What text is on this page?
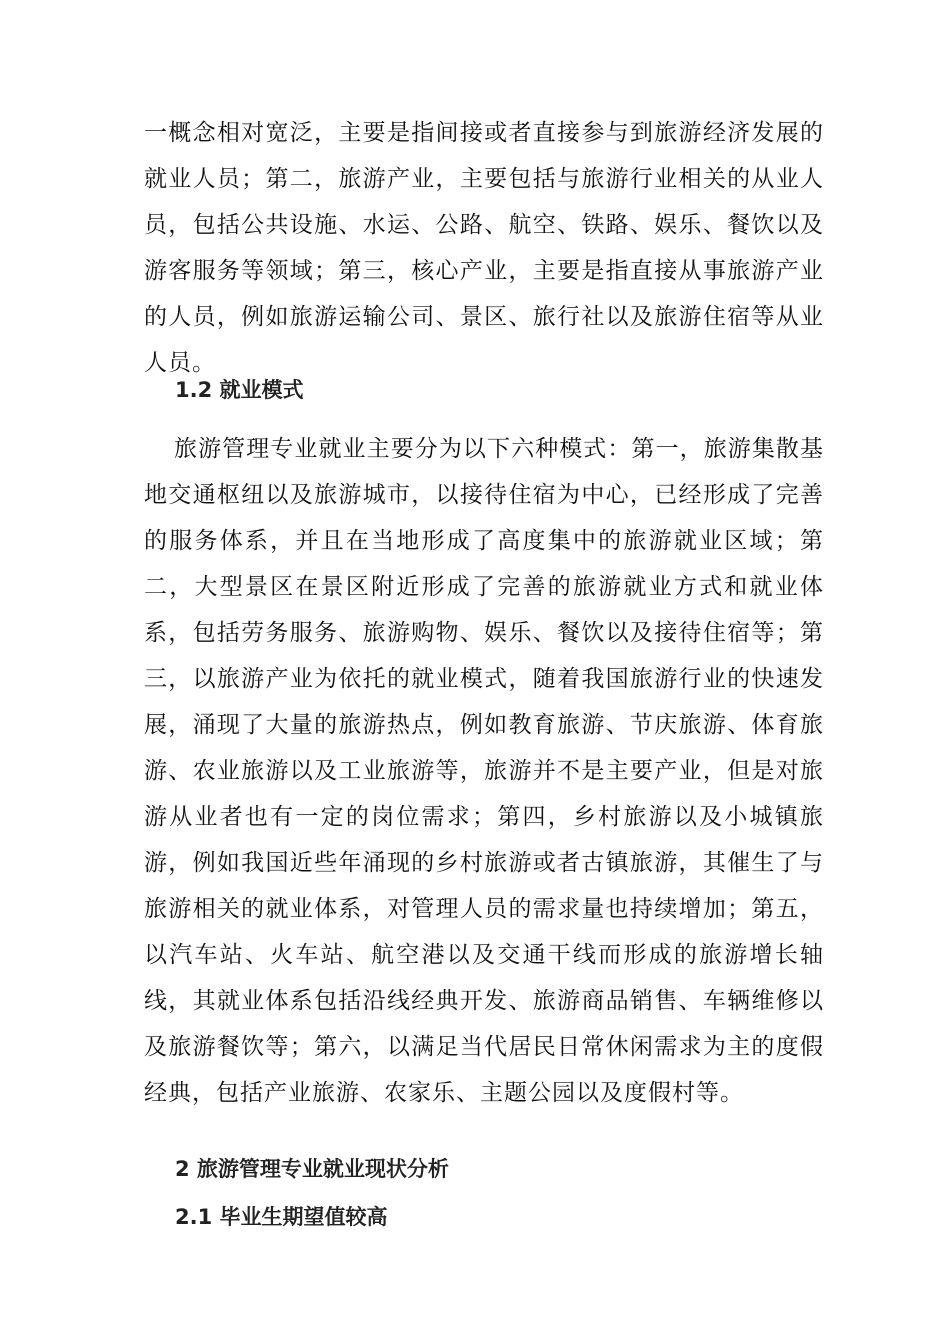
一概念相对宽泛，主要是指间接或者直接参与到旅游经济发展的就业人员；第二，旅游产业，主要包括与旅游行业相关的从业人员，包括公共设施、水运、公路、航空、铁路、娱乐、餐饮以及游客服务等领域；第三，核心产业，主要是指直接从事旅游产业的人员，例如旅游运输公司、景区、旅行社以及旅游住宿等从业人员。

1.2 就业模式

旅游管理专业就业主要分为以下六种模式：第一，旅游集散基地交通枢纽以及旅游城市，以接待住宿为中心，已经形成了完善的服务体系，并且在当地形成了高度集中的旅游就业区域；第二，大型景区在景区附近形成了完善的旅游就业方式和就业体系，包括劳务服务、旅游购物、娱乐、餐饮以及接待住宿等；第三，以旅游产业为依托的就业模式，随着我国旅游行业的快速发展，涌现了大量的旅游热点，例如教育旅游、节庆旅游、体育旅游、农业旅游以及工业旅游等，旅游并不是主要产业，但是对旅游从业者也有一定的岗位需求；第四，乡村旅游以及小城镇旅游，例如我国近些年涌现的乡村旅游或者古镇旅游，其催生了与旅游相关的就业体系，对管理人员的需求量也持续增加；第五，以汽车站、火车站、航空港以及交通干线而形成的旅游增长轴线，其就业体系包括沿线经典开发、旅游商品销售、车辆维修以及旅游餐饮等；第六，以满足当代居民日常休闲需求为主的度假经典，包括产业旅游、农家乐、主题公园以及度假村等。

2 旅游管理专业就业现状分析
2.1 毕业生期望值较高
